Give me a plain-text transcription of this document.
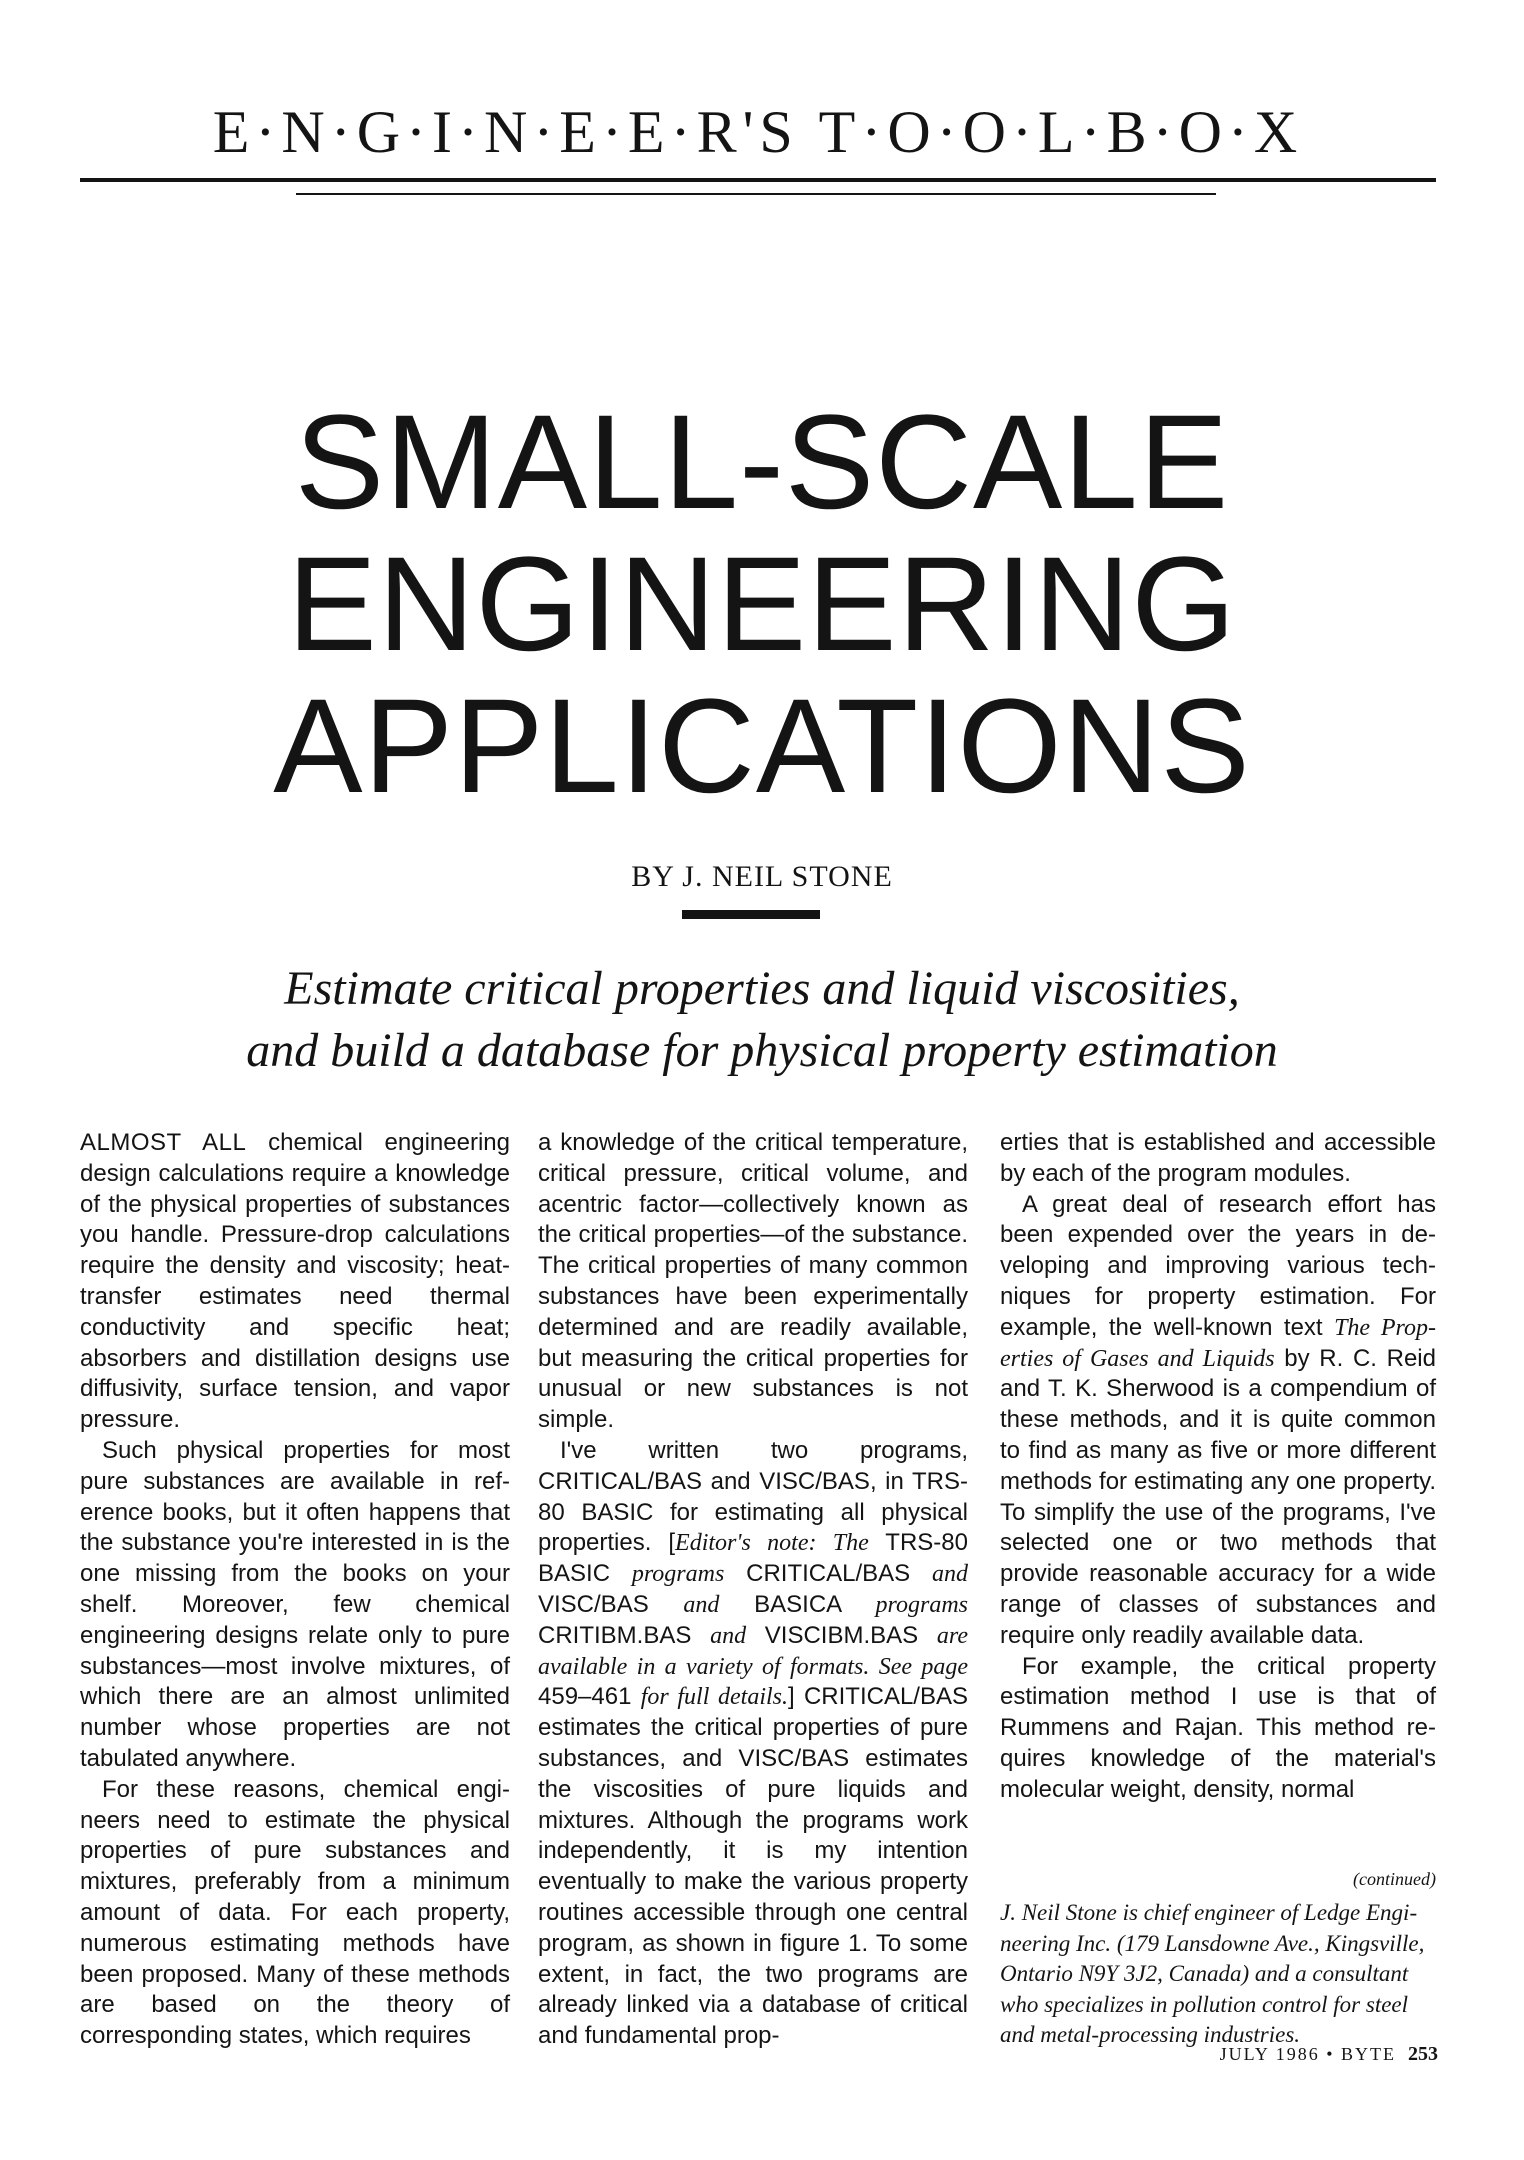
E·N·G·I·N·E·E·R'S T·O·O·L·B·O·X
SMALL-SCALE
ENGINEERING
APPLICATIONS
BY J. NEIL STONE
Estimate critical properties and liquid viscosities,
and build a database for physical property estimation

ALMOST ALL chemical engineering design calculations require a knowledge of the physical properties of substances you handle. Pressure-drop calculations require the density and viscosity; heat-transfer estimates need thermal conductivity and specific heat; absorbers and distillation designs use diffusivity, surface tension, and vapor pressure.

Such physical properties for most pure substances are available in reference books, but it often happens that the substance you're interested in is the one missing from the books on your shelf. Moreover, few chemical engineering designs relate only to pure substances—most involve mixtures, of which there are an almost unlimited number whose properties are not tabulated anywhere.

For these reasons, chemical engineers need to estimate the physical properties of pure substances and mixtures, preferably from a minimum amount of data. For each property, numerous estimating methods have been proposed. Many of these methods are based on the theory of corresponding states, which requires

a knowledge of the critical temperature, critical pressure, critical volume, and acentric factor—collectively known as the critical properties—of the substance. The critical properties of many common substances have been experimentally determined and are readily available, but measuring the critical properties for unusual or new substances is not simple.

I've written two programs, CRITICAL/BAS and VISC/BAS, in TRS-80 BASIC for estimating all physical properties. [Editor's note: The TRS-80 BASIC programs CRITICAL/BAS and VISC/BAS and BASICA programs CRITIBM.BAS and VISCIBM.BAS are available in a variety of formats. See page 459–461 for full details.] CRITICAL/BAS estimates the critical properties of pure substances, and VISC/BAS estimates the viscosities of pure liquids and mixtures. Although the programs work independently, it is my intention eventually to make the various property routines accessible through one central program, as shown in figure 1. To some extent, in fact, the two programs are already linked via a database of critical and fundamental prop-

erties that is established and accessible by each of the program modules.

A great deal of research effort has been expended over the years in developing and improving various techniques for property estimation. For example, the well-known text The Properties of Gases and Liquids by R. C. Reid and T. K. Sherwood is a compendium of these methods, and it is quite common to find as many as five or more different methods for estimating any one property. To simplify the use of the programs, I've selected one or two methods that provide reasonable accuracy for a wide range of classes of substances and require only readily available data.

For example, the critical property estimation method I use is that of Rummens and Rajan. This method requires knowledge of the material's molecular weight, density, normal

(continued)
J. Neil Stone is chief engineer of Ledge Engineering Inc. (179 Lansdowne Ave., Kingsville, Ontario N9Y 3J2, Canada) and a consultant who specializes in pollution control for steel and metal-processing industries.
JULY 1986 • BYTE 253
